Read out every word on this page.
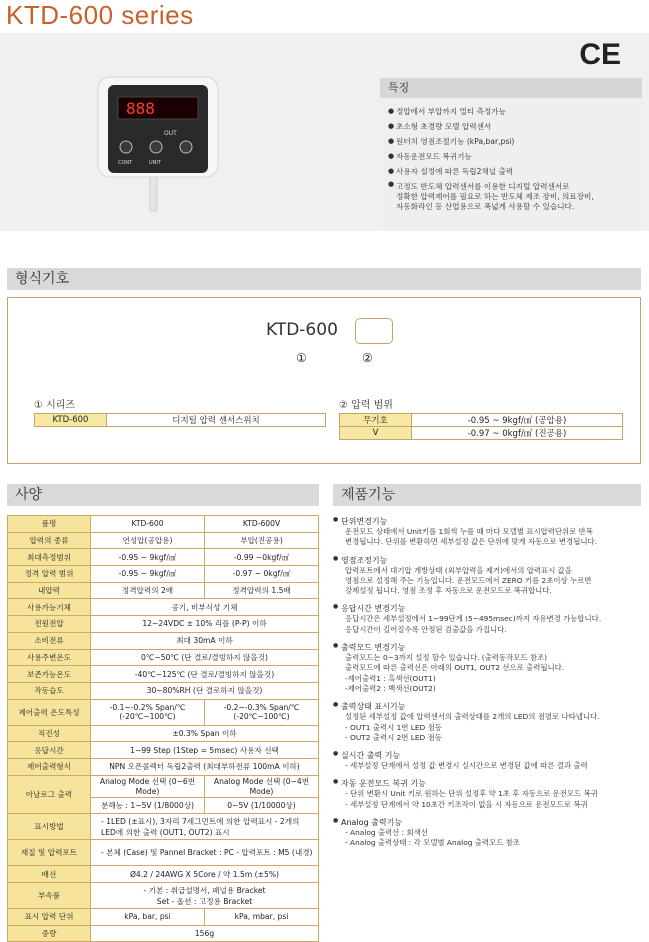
KTD-600 series
888
OUT
CONT	UNIT
CE
특징
● 정압에서 부압까지 멀티 측정가능
● 초소형 초경량 모델 압력센서
● 원터치 영점조절기능 (kPa,bar,psi)
● 자동운전모드 복귀기능
● 사용자 설정에 따른 독립2채널 출력
● 고정도 반도체 압력센서를 이용한 디지털 압력센서로
정확한 압력제어를 필요로 하는 반도체 제조 장비, 의료장비,
자동화라인 등 산업용으로 폭넓게 사용할 수 있습니다.
형식기호
KTD-600
①	②
① 시리즈
KTD-600	디지털 압력 센서스위치
② 압력 범위
무기호	-0.95 ~ 9kgf/㎠ (공압용)
V	-0.97 ~ 0kgf/㎠ (진공용)
사양	제품기능
품명	KTD-600	KTD-600V
압력의 종류	연성압(공압용)	부압(진공용)
최대측정범위	-0.95 ~ 9kgf/㎠	-0.99 ~0kgf/㎠
정격 압력 범위	-0.95 ~ 9kgf/㎠	-0.97 ~ 0kgf/㎠
내압력	정격압력의 2배	정격압력의 1.5배
사용가능기체	공기, 비부식성 기체	
전원전압	12~24VDC ± 10% 리플 (P-P) 이하	
소비전류	최대 30mA 이하	
사용주변온도	0℃~50℃ (단 결로/결빙하지 않을것)	
보존가능온도	-40℃~125℃ (단 결로/결빙하지 않을것)	
작동습도	30~80%RH (단 결로하지 않을것)	
제어출력 온도특성	-0.1~-0.2% Span/℃ (-20℃~100℃)	-0.2~-0.3% Span/℃ (-20℃~100℃)
직진성	±0.3% Span 이하	
응답시간	1~99 Step (1Step = 5msec) 사용자 선택	
제어출력형식	NPN 오픈콜렉터 독립2출력 (최대부하전류 100mA 이하)	
아날로그 출력	Analog Mode 선택 (0~6번 Mode)	Analog Mode 선택 (0~4번 Mode)
	분해능 : 1~5V (1/8000상)	0~5V (1/10000상)
표시방법	- 1LED (±표시), 3자리 7세그먼트에 의한 압력표시 - 2개의 LED에 의한 출력 (OUT1, OUT2) 표시	
재질 및 압력포트	- 본체 (Case) 및 Pannel Bracket : PC - 압력포트 : M5 (내경)	
배선	Ø4.2 / 24AWG X 5Core / 약 1.5m (±5%)	
부속품	- 기본 : 취급설명서, 패널용 Bracket Set - 옵션 : 고정용 Bracket	
표시 압력 단위	kPa, bar, psi	kPa, mbar, psi
중량	156g	
● 단위변경기능
운전모드 상태에서 Unit키를 1회씩 누를 때 마다 모델별 표시압력단위로 반복
변경됩니다. 단위를 변환하면 세부설정 값은 단위에 맞게 자동으로 변경됩니다.
● 영점조정기능
압력포트에서 대기압 개방상태 (외부압력을 제거)에서의 압력표시 값을
영점으로 설정해 주는 기능입니다. 운전모드에서 ZERO 키를 2초이상 누르면
강제설정 됩니다. 영점 조정 후 자동으로 운전모드로 복귀합니다.
● 응답시간 변경기능
응답시간은 세부설정에서 1~99단계 (5~495msec)까지 자유변경 가능합니다.
응답시간이 길어질수록 안정된 검출값을 가집니다.
● 출력모드 변경기능
출력모드는 0~3까지 설정 할수 있습니다. (출력동작모드 참조)
출력모드에 따른 출력선은 아래의 OUT1, OUT2 선으로 출력됩니다.
-제어출력1 : 흑색선(OUT1)
-제어출력2 : 백색선(OUT2)
● 출력상태 표시기능
설정된 세부설정 값에 압력센서의 출력상태를 2개의 LED의 점멸로 나타냅니다.
- OUT1 출력시 1번 LED 점등
- OUT2 출력시 2번 LED 점등
● 실시간 출력 기능
- 세부설정 단계에서 설정 값 변경시 실시간으로 변경된 값에 따른 결과 출력
● 자동 운전모드 복귀 기능
- 단위 변환시 Unit 키로 원하는 단위 설정후 약 1초 후 자동으로 운전모드 복귀
- 세부설정 단계에서 약 10초간 키조작이 없을 시 자동으로 운전모드로 복귀
● Analog 출력기능
- Analog 출력선 : 회색선
- Analog 출력상태 : 각 모델별 Analog 출력모드 참조
